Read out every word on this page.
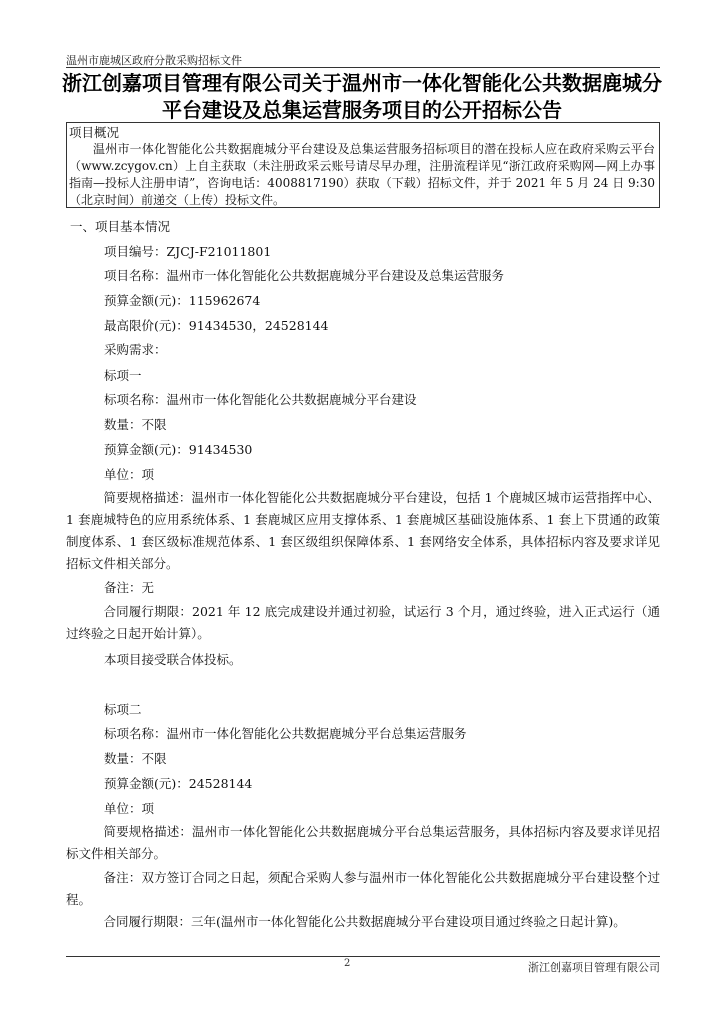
温州市鹿城区政府分散采购招标文件
浙江创嘉项目管理有限公司关于温州市一体化智能化公共数据鹿城分
平台建设及总集运营服务项目的公开招标公告
项目概况

温州市一体化智能化公共数据鹿城分平台建设及总集运营服务招标项目的潜在投标人应在政府采购云平台（www.zcygov.cn）上自主获取（未注册政采云账号请尽早办理，注册流程详见“浙江政府采购网—网上办事指南—投标人注册申请”，咨询电话：4008817190）获取（下载）招标文件，并于 2021 年 5 月 24 日 9:30（北京时间）前递交（上传）投标文件。

一、项目基本情况
项目编号：ZJCJ-F21011801
项目名称：温州市一体化智能化公共数据鹿城分平台建设及总集运营服务
预算金额(元)：115962674
最高限价(元)：91434530，24528144
采购需求：
标项一
标项名称：温州市一体化智能化公共数据鹿城分平台建设
数量：不限
预算金额(元)：91434530
单位：项

简要规格描述：温州市一体化智能化公共数据鹿城分平台建设，包括 1 个鹿城区城市运营指挥中心、1 套鹿城特色的应用系统体系、1 套鹿城区应用支撑体系、1 套鹿城区基础设施体系、1 套上下贯通的政策制度体系、1 套区级标准规范体系、1 套区级组织保障体系、1 套网络安全体系，具体招标内容及要求详见招标文件相关部分。

备注：无

合同履行期限：2021 年 12 底完成建设并通过初验，试运行 3 个月，通过终验，进入正式运行（通过终验之日起开始计算）。

本项目接受联合体投标。
标项二
标项名称：温州市一体化智能化公共数据鹿城分平台总集运营服务
数量：不限
预算金额(元)：24528144
单位：项

简要规格描述：温州市一体化智能化公共数据鹿城分平台总集运营服务，具体招标内容及要求详见招标文件相关部分。

备注：双方签订合同之日起，须配合采购人参与温州市一体化智能化公共数据鹿城分平台建设整个过程。

合同履行期限：三年(温州市一体化智能化公共数据鹿城分平台建设项目通过终验之日起计算)。

2	浙江创嘉项目管理有限公司
